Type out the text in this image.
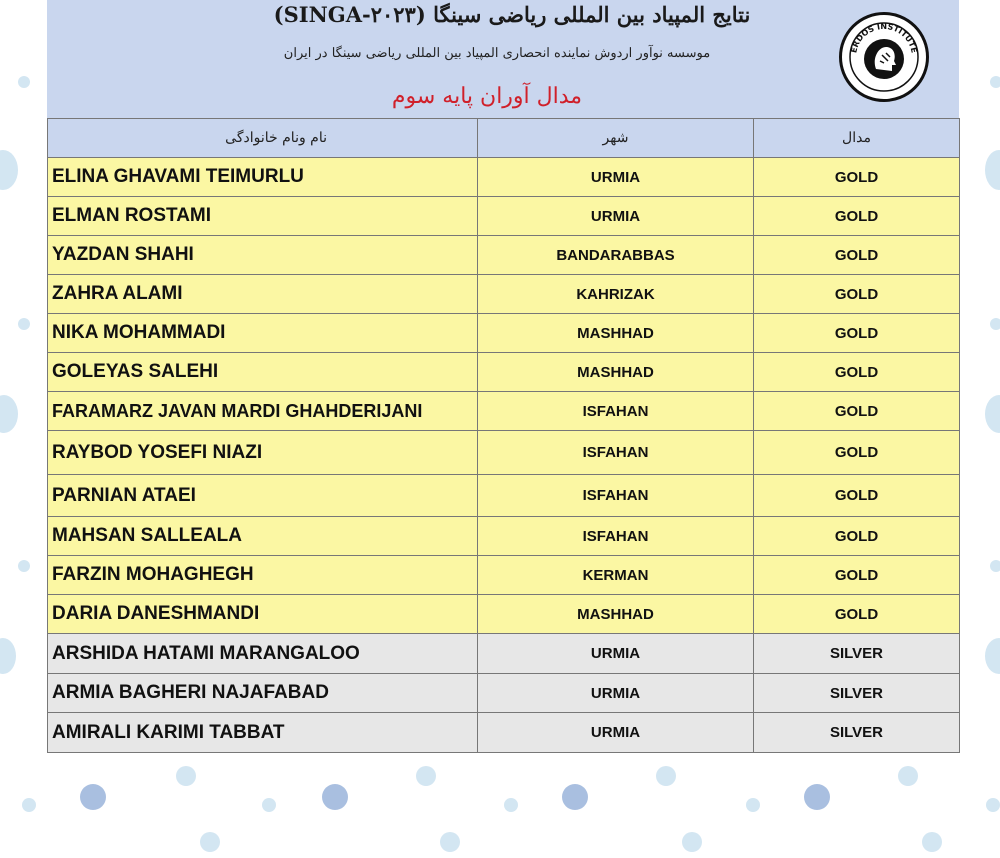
نتایج المپیاد بین المللی ریاضی سینگا (SINGA-۲۰۲۳)
موسسه نوآور اردوش نماینده انحصاری المپیاد بین المللی ریاضی سینگا در ایران
مدال آوران پایه سوم
ERDOS INSTITUTE
نام ونام خانوادگی	شهر	مدال
ELINA GHAVAMI TEIMURLU	URMIA	GOLD
ELMAN ROSTAMI	URMIA	GOLD
YAZDAN SHAHI	BANDARABBAS	GOLD
ZAHRA ALAMI	KAHRIZAK	GOLD
NIKA MOHAMMADI	MASHHAD	GOLD
GOLEYAS SALEHI	MASHHAD	GOLD
FARAMARZ JAVAN MARDI GHAHDERIJANI	ISFAHAN	GOLD
RAYBOD YOSEFI NIAZI	ISFAHAN	GOLD
PARNIAN ATAEI	ISFAHAN	GOLD
MAHSAN SALLEALA	ISFAHAN	GOLD
FARZIN MOHAGHEGH	KERMAN	GOLD
DARIA DANESHMANDI	MASHHAD	GOLD
ARSHIDA HATAMI MARANGALOO	URMIA	SILVER
ARMIA BAGHERI NAJAFABAD	URMIA	SILVER
AMIRALI KARIMI TABBAT	URMIA	SILVER
